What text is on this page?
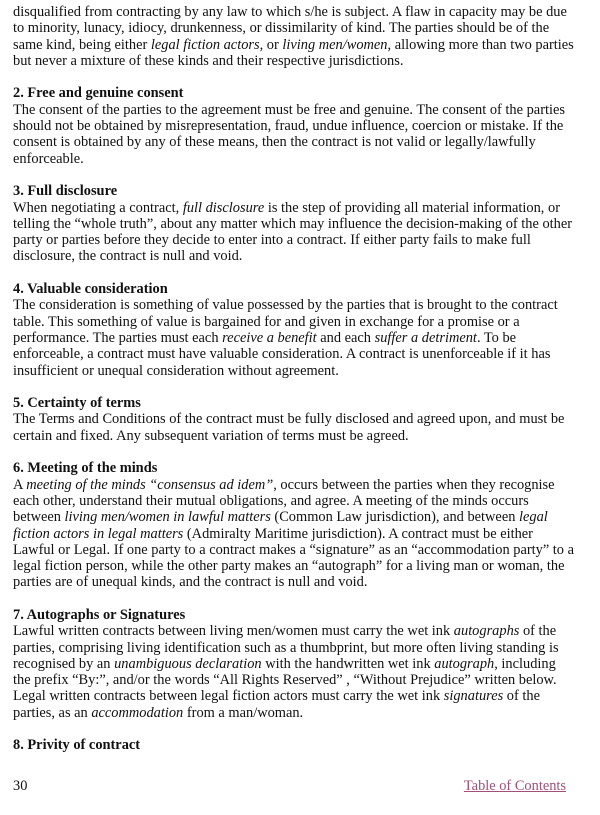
disqualified from contracting by any law to which s/he is subject. A flaw in capacity may be due

to minority, lunacy, idiocy, drunkenness, or dissimilarity of kind. The parties should be of the

same kind, being either legal fiction actors, or living men/women, allowing more than two parties

but never a mixture of these kinds and their respective jurisdictions.

2. Free and genuine consent

The consent of the parties to the agreement must be free and genuine. The consent of the parties

should not be obtained by misrepresentation, fraud, undue influence, coercion or mistake. If the

consent is obtained by any of these means, then the contract is not valid or legally/lawfully

enforceable.

3. Full disclosure

When negotiating a contract, full disclosure is the step of providing all material information, or

telling the “whole truth”, about any matter which may influence the decision-making of the other

party or parties before they decide to enter into a contract. If either party fails to make full

disclosure, the contract is null and void.

4. Valuable consideration

The consideration is something of value possessed by the parties that is brought to the contract

table. This something of value is bargained for and given in exchange for a promise or a

performance. The parties must each receive a benefit and each suffer a detriment. To be

enforceable, a contract must have valuable consideration. A contract is unenforceable if it has

insufficient or unequal consideration without agreement.

5. Certainty of terms

The Terms and Conditions of the contract must be fully disclosed and agreed upon, and must be

certain and fixed. Any subsequent variation of terms must be agreed.

6. Meeting of the minds

A meeting of the minds “consensus ad idem”, occurs between the parties when they recognise

each other, understand their mutual obligations, and agree. A meeting of the minds occurs

between living men/women in lawful matters (Common Law jurisdiction), and between legal

fiction actors in legal matters (Admiralty Maritime jurisdiction). A contract must be either

Lawful or Legal. If one party to a contract makes a “signature” as an “accommodation party” to a

legal fiction person, while the other party makes an “autograph” for a living man or woman, the

parties are of unequal kinds, and the contract is null and void.

7. Autographs or Signatures

Lawful written contracts between living men/women must carry the wet ink autographs of the

parties, comprising living identification such as a thumbprint, but more often living standing is

recognised by an unambiguous declaration with the handwritten wet ink autograph, including

the prefix “By:”, and/or the words “All Rights Reserved” , “Without Prejudice” written below.

Legal written contracts between legal fiction actors must carry the wet ink signatures of the

parties, as an accommodation from a man/woman.

8. Privity of contract
30	Table of Contents
